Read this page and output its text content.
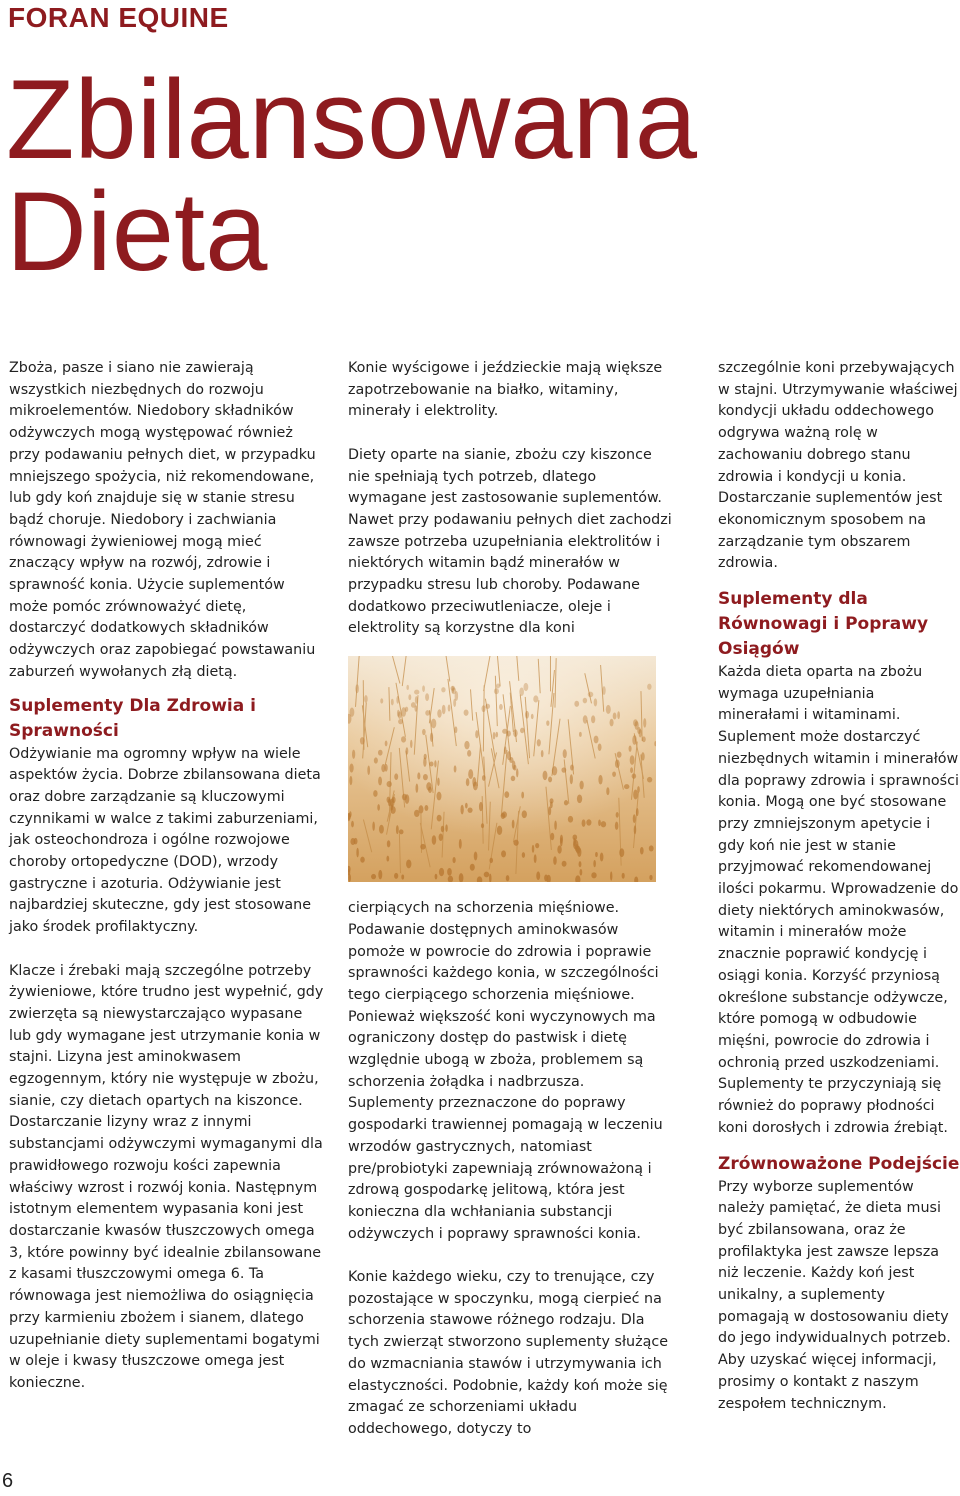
FORAN EQUINE
Zbilansowana
Dieta

Zboża, pasze i siano nie zawierają wszystkich niezbędnych do rozwoju mikroelementów. Niedobory składników odżywczych mogą występować również przy podawaniu pełnych diet, w przypadku mniejszego spożycia, niż rekomendowane, lub gdy koń znajduje się w stanie stresu bądź choruje. Niedobory i zachwiania równowagi żywieniowej mogą mieć znaczący wpływ na rozwój, zdrowie i sprawność konia. Użycie suplementów może pomóc zrównoważyć dietę, dostarczyć dodatkowych składników odżywczych oraz zapobiegać powstawaniu zaburzeń wywołanych złą dietą.

Suplementy Dla Zdrowia i Sprawności

Odżywianie ma ogromny wpływ na wiele aspektów życia. Dobrze zbilansowana dieta oraz dobre zarządzanie są kluczowymi czynnikami w walce z takimi zaburzeniami, jak osteochondroza i ogólne rozwojowe choroby ortopedyczne (DOD), wrzody gastryczne i azoturia. Odżywianie jest najbardziej skuteczne, gdy jest stosowane jako środek profilaktyczny.

Klacze i źrebaki mają szczególne potrzeby żywieniowe, które trudno jest wypełnić, gdy zwierzęta są niewystarczająco wypasane lub gdy wymagane jest utrzymanie konia w stajni. Lizyna jest aminokwasem egzogennym, który nie występuje w zbożu, sianie, czy dietach opartych na kiszonce. Dostarczanie lizyny wraz z innymi substancjami odżywczymi wymaganymi dla prawidłowego rozwoju kości zapewnia właściwy wzrost i rozwój konia. Następnym istotnym elementem wypasania koni jest dostarczanie kwasów tłuszczowych omega 3, które powinny być idealnie zbilansowane z kasami tłuszczowymi omega 6. Ta równowaga jest niemożliwa do osiągnięcia przy karmieniu zbożem i sianem, dlatego uzupełnianie diety suplementami bogatymi w oleje i kwasy tłuszczowe omega jest konieczne.

Konie wyścigowe i jeździeckie mają większe zapotrzebowanie na białko, witaminy, minerały i elektrolity.

Diety oparte na sianie, zbożu czy kiszonce nie spełniają tych potrzeb, dlatego wymagane jest zastosowanie suplementów. Nawet przy podawaniu pełnych diet zachodzi zawsze potrzeba uzupełniania elektrolitów i niektórych witamin bądź minerałów w przypadku stresu lub choroby. Podawane dodatkowo przeciwutleniacze, oleje i elektrolity są korzystne dla koni

cierpiących na schorzenia mięśniowe. Podawanie dostępnych aminokwasów pomoże w powrocie do zdrowia i poprawie sprawności każdego konia, w szczególności tego cierpiącego schorzenia mięśniowe. Ponieważ większość koni wyczynowych ma ograniczony dostęp do pastwisk i dietę względnie ubogą w zboża, problemem są schorzenia żołądka i nadbrzusza. Suplementy przeznaczone do poprawy gospodarki trawiennej pomagają w leczeniu wrzodów gastrycznych, natomiast pre/probiotyki zapewniają zrównoważoną i zdrową gospodarkę jelitową, która jest konieczna dla wchłaniania substancji odżywczych i poprawy sprawności konia.

Konie każdego wieku, czy to trenujące, czy pozostające w spoczynku, mogą cierpieć na schorzenia stawowe różnego rodzaju. Dla tych zwierząt stworzono suplementy służące do wzmacniania stawów i utrzymywania ich elastyczności. Podobnie, każdy koń może się zmagać ze schorzeniami układu oddechowego, dotyczy to

szczególnie koni przebywających w stajni. Utrzymywanie właściwej kondycji układu oddechowego odgrywa ważną rolę w zachowaniu dobrego stanu zdrowia i kondycji u konia. Dostarczanie suplementów jest ekonomicznym sposobem na zarządzanie tym obszarem zdrowia.

Suplementy dla Równowagi i Poprawy Osiągów

Każda dieta oparta na zbożu wymaga uzupełniania minerałami i witaminami. Suplement może dostarczyć niezbędnych witamin i minerałów dla poprawy zdrowia i sprawności konia. Mogą one być stosowane przy zmniejszonym apetycie i gdy koń nie jest w stanie przyjmować rekomendowanej ilości pokarmu. Wprowadzenie do diety niektórych aminokwasów, witamin i minerałów może znacznie poprawić kondycję i osiągi konia. Korzyść przyniosą określone substancje odżywcze, które pomogą w odbudowie mięśni, powrocie do zdrowia i ochronią przed uszkodzeniami. Suplementy te przyczyniają się również do poprawy płodności koni dorosłych i zdrowia źrebiąt.

Zrównoważone Podejście

Przy wyborze suplementów należy pamiętać, że dieta musi być zbilansowana, oraz że profilaktyka jest zawsze lepsza niż leczenie. Każdy koń jest unikalny, a suplementy pomagają w dostosowaniu diety do jego indywidualnych potrzeb. Aby uzyskać więcej informacji, prosimy o kontakt z naszym zespołem technicznym.

6
